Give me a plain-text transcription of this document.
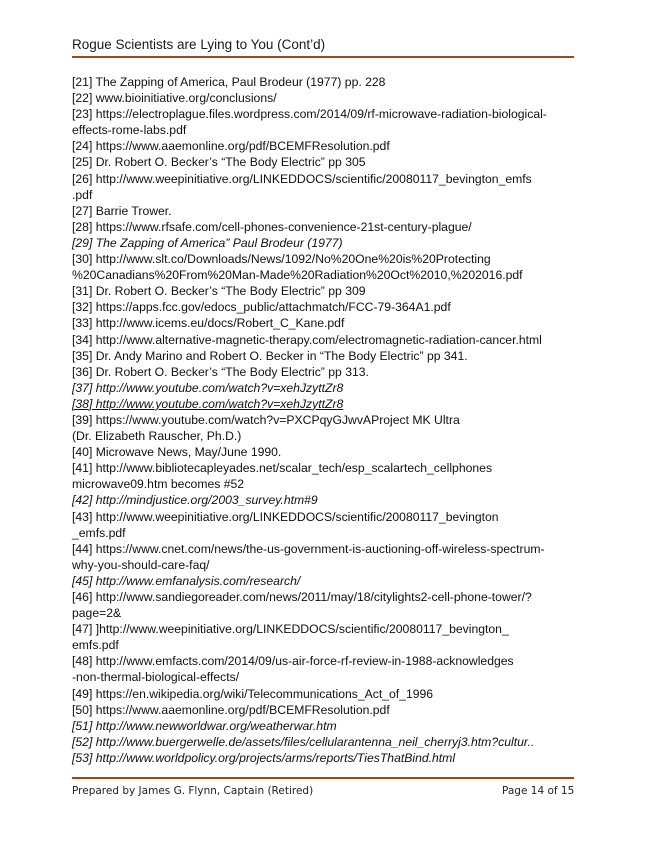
Rogue Scientists are Lying to You (Cont’d)
[21] The Zapping of America, Paul Brodeur (1977) pp. 228
[22] www.bioinitiative.org/conclusions/
[23] https://electroplague.files.wordpress.com/2014/09/rf-microwave-radiation-biological-
effects-rome-labs.pdf
[24] https://www.aaemonline.org/pdf/BCEMFResolution.pdf
[25] Dr. Robert O. Becker’s “The Body Electric” pp 305
[26] http://www.weepinitiative.org/LINKEDDOCS/scientific/20080117_bevington_emfs
.pdf
[27] Barrie Trower.
[28] https://www.rfsafe.com/cell-phones-convenience-21st-century-plague/
[29] The Zapping of America” Paul Brodeur (1977)
[30] http://www.slt.co/Downloads/News/1092/No%20One%20is%20Protecting
%20Canadians%20From%20Man-Made%20Radiation%20Oct%2010,%202016.pdf
[31] Dr. Robert O. Becker’s “The Body Electric” pp 309
[32] https://apps.fcc.gov/edocs_public/attachmatch/FCC-79-364A1.pdf
[33] http://www.icems.eu/docs/Robert_C_Kane.pdf
[34] http://www.alternative-magnetic-therapy.com/electromagnetic-radiation-cancer.html
[35] Dr. Andy Marino and Robert O. Becker in “The Body Electric” pp 341.
[36] Dr. Robert O. Becker’s “The Body Electric” pp 313.
[37] http://www.youtube.com/watch?v=xehJzyttZr8
[38] http://www.youtube.com/watch?v=xehJzyttZr8
[39] https://www.youtube.com/watch?v=PXCPqyGJwvAProject MK Ultra
(Dr. Elizabeth Rauscher, Ph.D.)
[40] Microwave News, May/June 1990.
[41] http://www.bibliotecapleyades.net/scalar_tech/esp_scalartech_cellphones
microwave09.htm becomes #52
[42] http://mindjustice.org/2003_survey.htm#9
[43] http://www.weepinitiative.org/LINKEDDOCS/scientific/20080117_bevington
_emfs.pdf
[44] https://www.cnet.com/news/the-us-government-is-auctioning-off-wireless-spectrum-
why-you-should-care-faq/
[45] http://www.emfanalysis.com/research/
[46] http://www.sandiegoreader.com/news/2011/may/18/citylights2-cell-phone-tower/?
page=2&
[47] ]http://www.weepinitiative.org/LINKEDDOCS/scientific/20080117_bevington_
emfs.pdf
[48] http://www.emfacts.com/2014/09/us-air-force-rf-review-in-1988-acknowledges
-non-thermal-biological-effects/
[49] https://en.wikipedia.org/wiki/Telecommunications_Act_of_1996
[50] https://www.aaemonline.org/pdf/BCEMFResolution.pdf
[51] http://www.newworldwar.org/weatherwar.htm
[52] http://www.buergerwelle.de/assets/files/cellularantenna_neil_cherryj3.htm?cultur..
[53] http://www.worldpolicy.org/projects/arms/reports/TiesThatBind.html
Prepared by James G. Flynn, Captain (Retired)	Page 14 of 15
